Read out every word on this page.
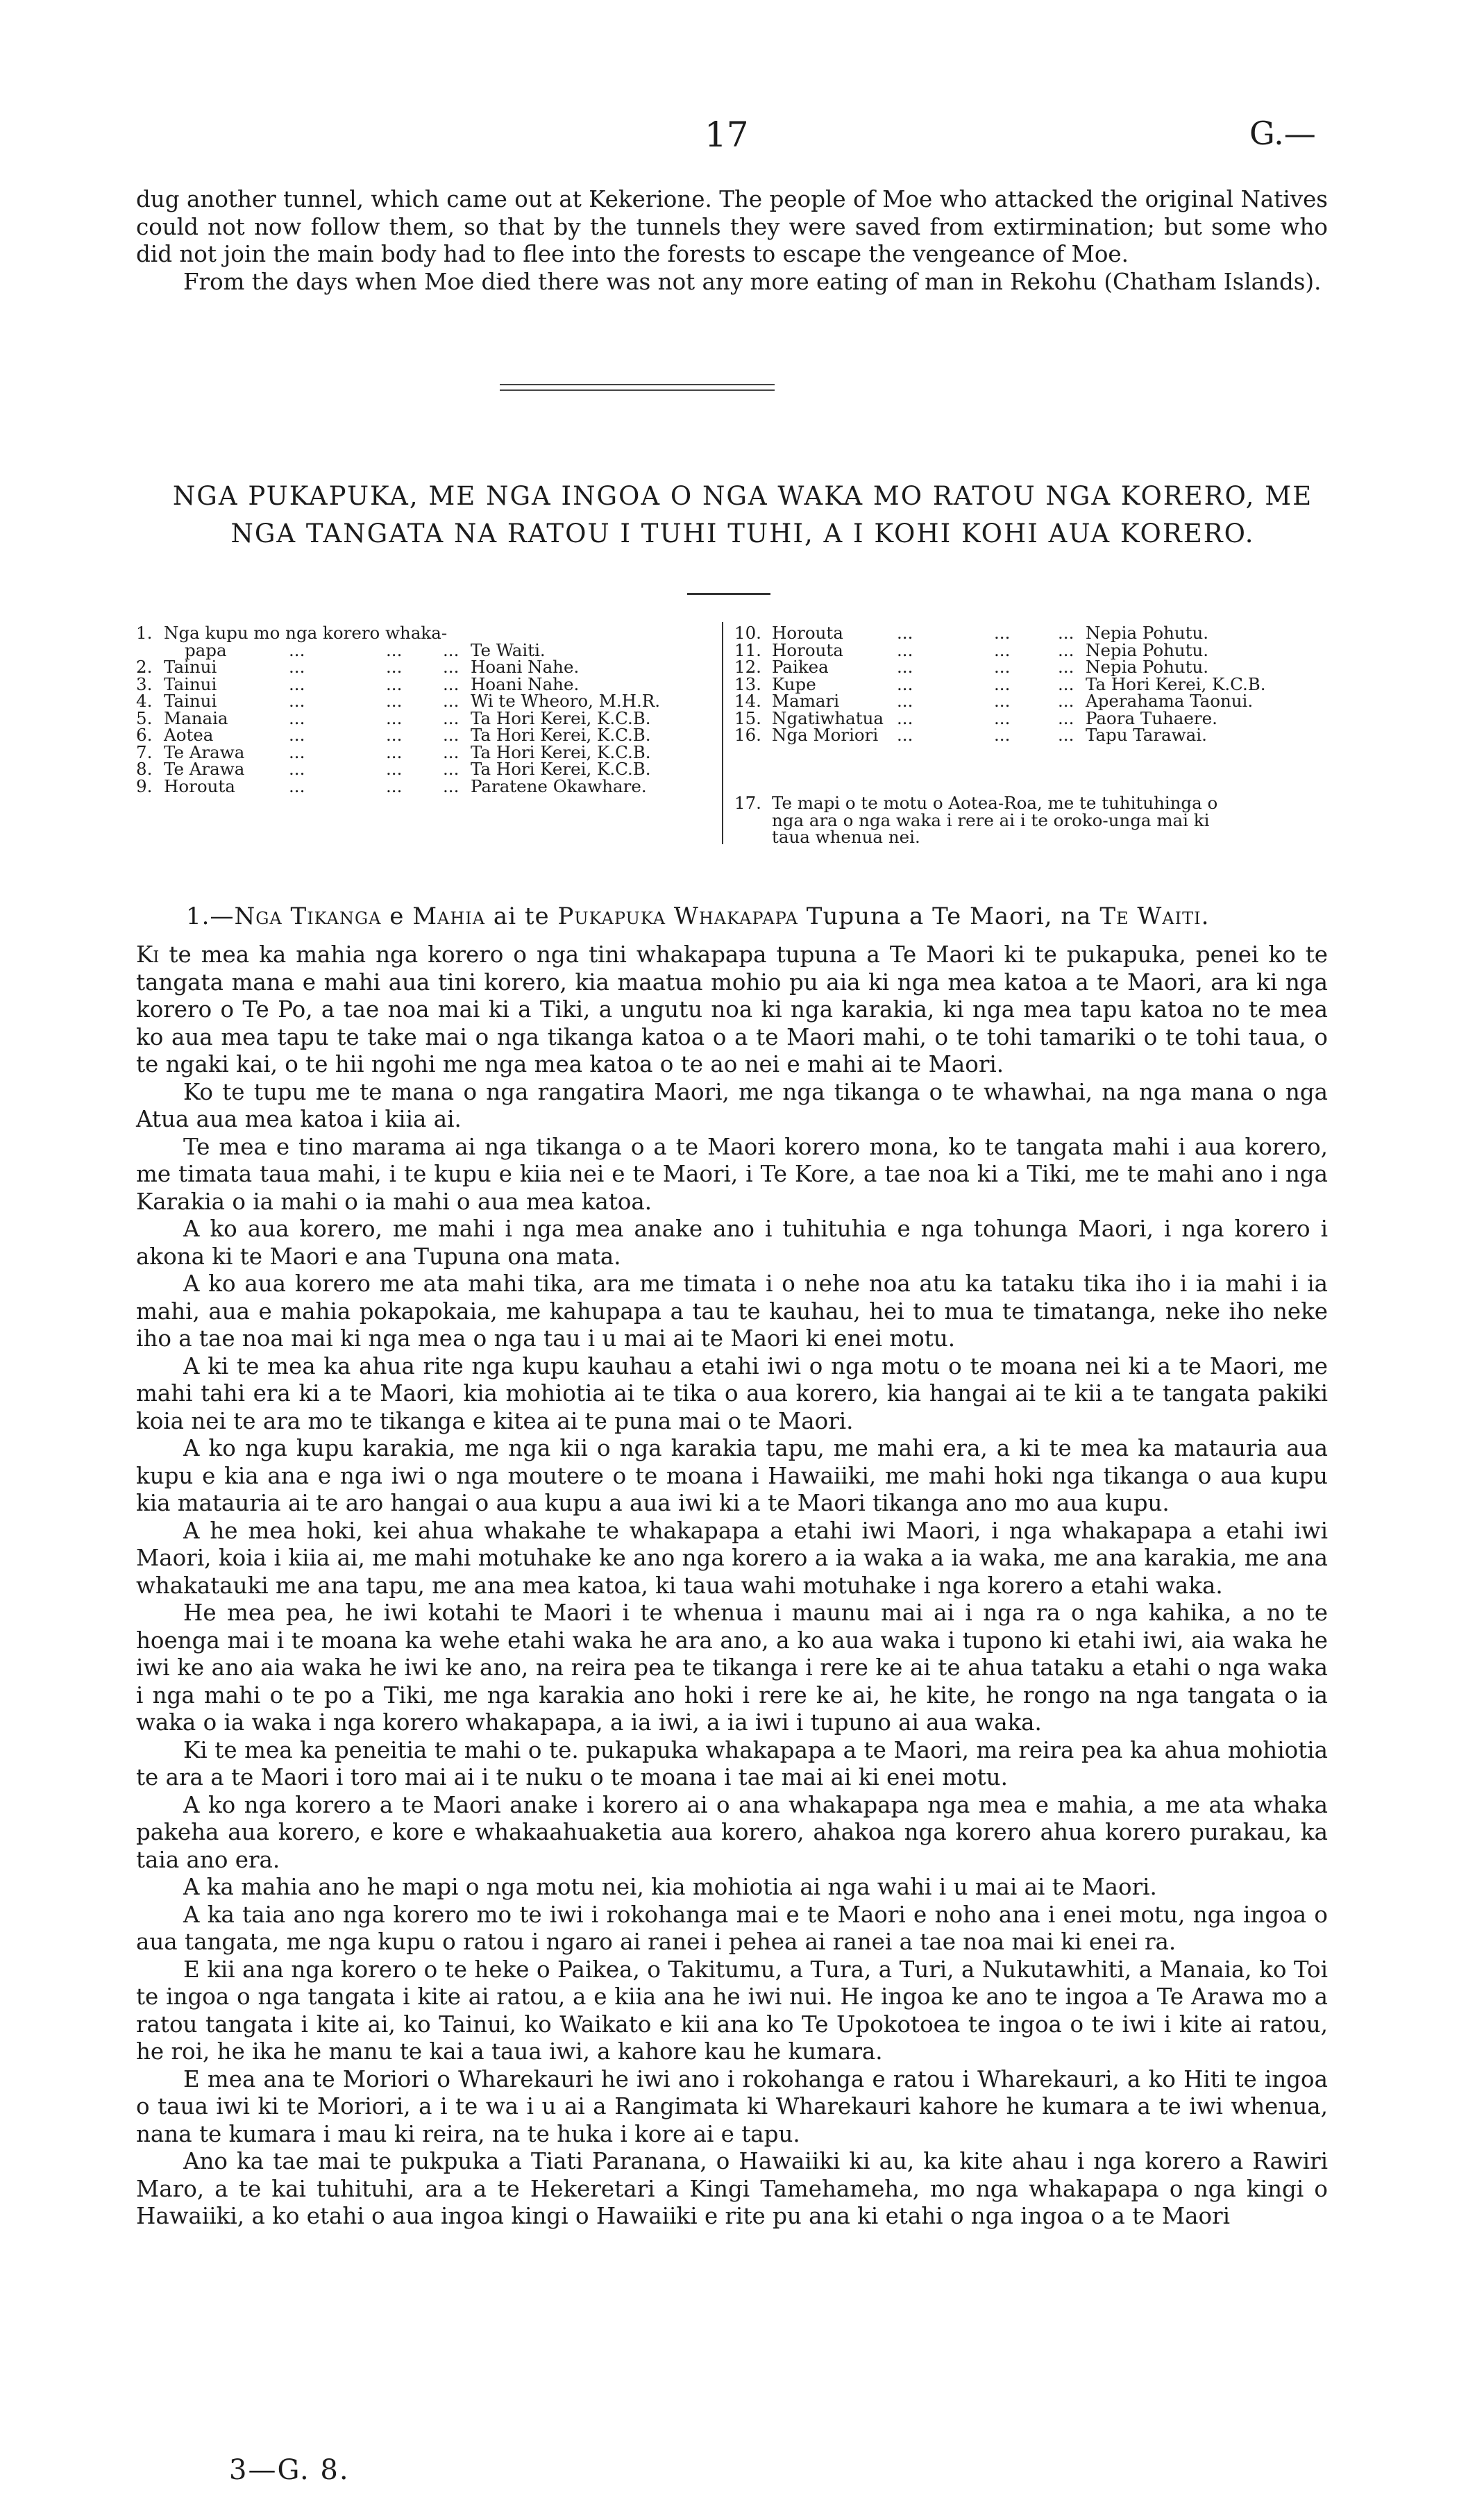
17	G.—

dug another tunnel, which came out at Kekerione. The people of Moe who attacked the original Natives could not now follow them, so that by the tunnels they were saved from extirmination; but some who did not join the main body had to flee into the forests to escape the vengeance of Moe.

From the days when Moe died there was not any more eating of man in Rekohu (Chatham Islands).

NGA PUKAPUKA, ME NGA INGOA O NGA WAKA MO RATOU NGA KORERO, ME
NGA TANGATA NA RATOU I TUHI TUHI, A I KOHI KOHI AUA KORERO.
1. Nga kupu mo nga korero whaka-
papa	...	...	... Te Waiti.
2. Tainui	...	...	... Hoani Nahe.
3. Tainui	...	...	... Hoani Nahe.
4. Tainui	...	...	... Wi te Wheoro, M.H.R.
5. Manaia	...	...	... Ta Hori Kerei, K.C.B.
6. Aotea	...	...	... Ta Hori Kerei, K.C.B.
7. Te Arawa	...	...	... Ta Hori Kerei, K.C.B.
8. Te Arawa	...	...	... Ta Hori Kerei, K.C.B.
9. Horouta	...	...	... Paratene Okawhare.
10. Horouta	...	...	... Nepia Pohutu.
11. Horouta	...	...	... Nepia Pohutu.
12. Paikea	...	...	... Nepia Pohutu.
13. Kupe	...	...	... Ta Hori Kerei, K.C.B.
14. Mamari	...	...	... Aperahama Taonui.
15. Ngatiwhatua ...	...	... Paora Tuhaere.
16. Nga Moriori	...	...	... Tapu Tarawai.
17. Te mapi o te motu o Aotea-Roa, me te tuhituhinga o
nga ara o nga waka i rere ai i te oroko-unga mai ki
taua whenua nei.
1.—Nga Tikanga e Mahia ai te Pukapuka Whakapapa Tupuna a Te Maori, na Te Waiti.

Ki te mea ka mahia nga korero o nga tini whakapapa tupuna a Te Maori ki te pukapuka, penei ko te tangata mana e mahi aua tini korero, kia maatua mohio pu aia ki nga mea katoa a te Maori, ara ki nga korero o Te Po, a tae noa mai ki a Tiki, a ungutu noa ki nga karakia, ki nga mea tapu katoa no te mea ko aua mea tapu te take mai o nga tikanga katoa o a te Maori mahi, o te tohi tamariki o te tohi taua, o te ngaki kai, o te hii ngohi me nga mea katoa o te ao nei e mahi ai te Maori.

Ko te tupu me te mana o nga rangatira Maori, me nga tikanga o te whawhai, na nga mana o nga Atua aua mea katoa i kiia ai.

Te mea e tino marama ai nga tikanga o a te Maori korero mona, ko te tangata mahi i aua korero, me timata taua mahi, i te kupu e kiia nei e te Maori, i Te Kore, a tae noa ki a Tiki, me te mahi ano i nga Karakia o ia mahi o ia mahi o aua mea katoa.

A ko aua korero, me mahi i nga mea anake ano i tuhituhia e nga tohunga Maori, i nga korero i akona ki te Maori e ana Tupuna ona mata.

A ko aua korero me ata mahi tika, ara me timata i o nehe noa atu ka tataku tika iho i ia mahi i ia mahi, aua e mahia pokapokaia, me kahupapa a tau te kauhau, hei to mua te timatanga, neke iho neke iho a tae noa mai ki nga mea o nga tau i u mai ai te Maori ki enei motu.

A ki te mea ka ahua rite nga kupu kauhau a etahi iwi o nga motu o te moana nei ki a te Maori, me mahi tahi era ki a te Maori, kia mohiotia ai te tika o aua korero, kia hangai ai te kii a te tangata pakiki koia nei te ara mo te tikanga e kitea ai te puna mai o te Maori.

A ko nga kupu karakia, me nga kii o nga karakia tapu, me mahi era, a ki te mea ka matauria aua kupu e kia ana e nga iwi o nga moutere o te moana i Hawaiiki, me mahi hoki nga tikanga o aua kupu kia matauria ai te aro hangai o aua kupu a aua iwi ki a te Maori tikanga ano mo aua kupu.

A he mea hoki, kei ahua whakahe te whakapapa a etahi iwi Maori, i nga whakapapa a etahi iwi Maori, koia i kiia ai, me mahi motuhake ke ano nga korero a ia waka a ia waka, me ana karakia, me ana whakatauki me ana tapu, me ana mea katoa, ki taua wahi motuhake i nga korero a etahi waka.

He mea pea, he iwi kotahi te Maori i te whenua i maunu mai ai i nga ra o nga kahika, a no te hoenga mai i te moana ka wehe etahi waka he ara ano, a ko aua waka i tupono ki etahi iwi, aia waka he iwi ke ano aia waka he iwi ke ano, na reira pea te tikanga i rere ke ai te ahua tataku a etahi o nga waka i nga mahi o te po a Tiki, me nga karakia ano hoki i rere ke ai, he kite, he rongo na nga tangata o ia waka o ia waka i nga korero whakapapa, a ia iwi, a ia iwi i tupuno ai aua waka.

Ki te mea ka peneitia te mahi o te. pukapuka whakapapa a te Maori, ma reira pea ka ahua mohiotia te ara a te Maori i toro mai ai i te nuku o te moana i tae mai ai ki enei motu.

A ko nga korero a te Maori anake i korero ai o ana whakapapa nga mea e mahia, a me ata whaka pakeha aua korero, e kore e whakaahuaketia aua korero, ahakoa nga korero ahua korero purakau, ka taia ano era.

A ka mahia ano he mapi o nga motu nei, kia mohiotia ai nga wahi i u mai ai te Maori.

A ka taia ano nga korero mo te iwi i rokohanga mai e te Maori e noho ana i enei motu, nga ingoa o aua tangata, me nga kupu o ratou i ngaro ai ranei i pehea ai ranei a tae noa mai ki enei ra.

E kii ana nga korero o te heke o Paikea, o Takitumu, a Tura, a Turi, a Nukutawhiti, a Manaia, ko Toi te ingoa o nga tangata i kite ai ratou, a e kiia ana he iwi nui. He ingoa ke ano te ingoa a Te Arawa mo a ratou tangata i kite ai, ko Tainui, ko Waikato e kii ana ko Te Upokotoea te ingoa o te iwi i kite ai ratou, he roi, he ika he manu te kai a taua iwi, a kahore kau he kumara.

E mea ana te Moriori o Wharekauri he iwi ano i rokohanga e ratou i Wharekauri, a ko Hiti te ingoa o taua iwi ki te Moriori, a i te wa i u ai a Rangimata ki Wharekauri kahore he kumara a te iwi whenua, nana te kumara i mau ki reira, na te huka i kore ai e tapu.

Ano ka tae mai te pukpuka a Tiati Paranana, o Hawaiiki ki au, ka kite ahau i nga korero a Rawiri Maro, a te kai tuhituhi, ara a te Hekeretari a Kingi Tamehameha, mo nga whakapapa o nga kingi o Hawaiiki, a ko etahi o aua ingoa kingi o Hawaiiki e rite pu ana ki etahi o nga ingoa o a te Maori

3—G. 8.
